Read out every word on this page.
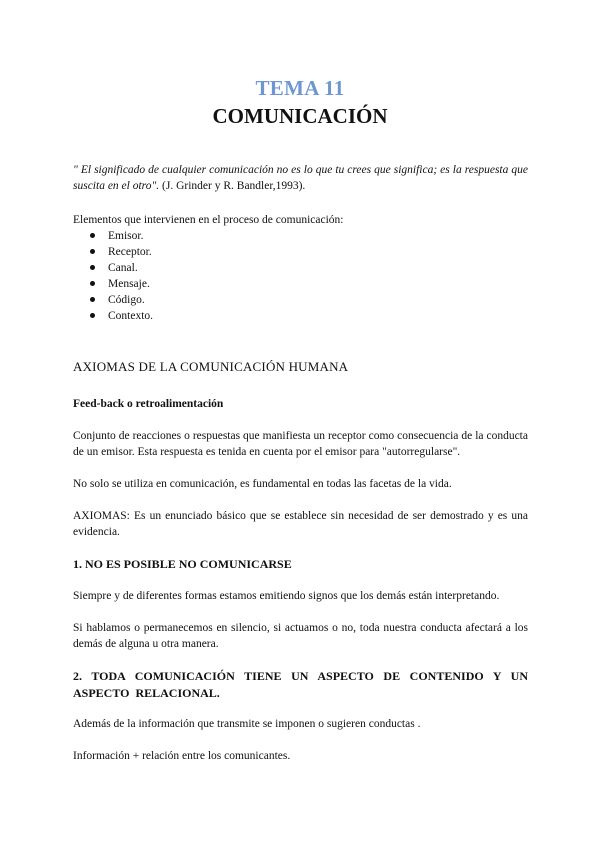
TEMA 11
COMUNICACIÓN
" El significado de cualquier comunicación no es lo que tu crees que significa; es la respuesta que suscita en el otro". (J. Grinder y R. Bandler,1993).
Elementos que intervienen en el proceso de comunicación:
Emisor.
Receptor.
Canal.
Mensaje.
Código.
Contexto.
AXIOMAS DE LA COMUNICACIÓN HUMANA
Feed-back o retroalimentación
Conjunto de reacciones o respuestas que manifiesta un receptor como consecuencia de la conducta de un emisor. Esta respuesta es tenida en cuenta por el emisor para "autorregularse".
No solo se utiliza en comunicación, es fundamental en todas las facetas de la vida.
AXIOMAS: Es un enunciado básico que se establece sin necesidad de ser demostrado y es una evidencia.
1. NO ES POSIBLE NO COMUNICARSE
Siempre y de diferentes formas estamos emitiendo signos que los demás están interpretando.
Si hablamos o permanecemos en silencio, si actuamos o no, toda nuestra conducta afectará a los demás de alguna u otra manera.
2. TODA COMUNICACIÓN TIENE UN ASPECTO DE CONTENIDO Y UN ASPECTO RELACIONAL.
Además de la información que transmite se imponen o sugieren conductas .
Información + relación entre los comunicantes.
